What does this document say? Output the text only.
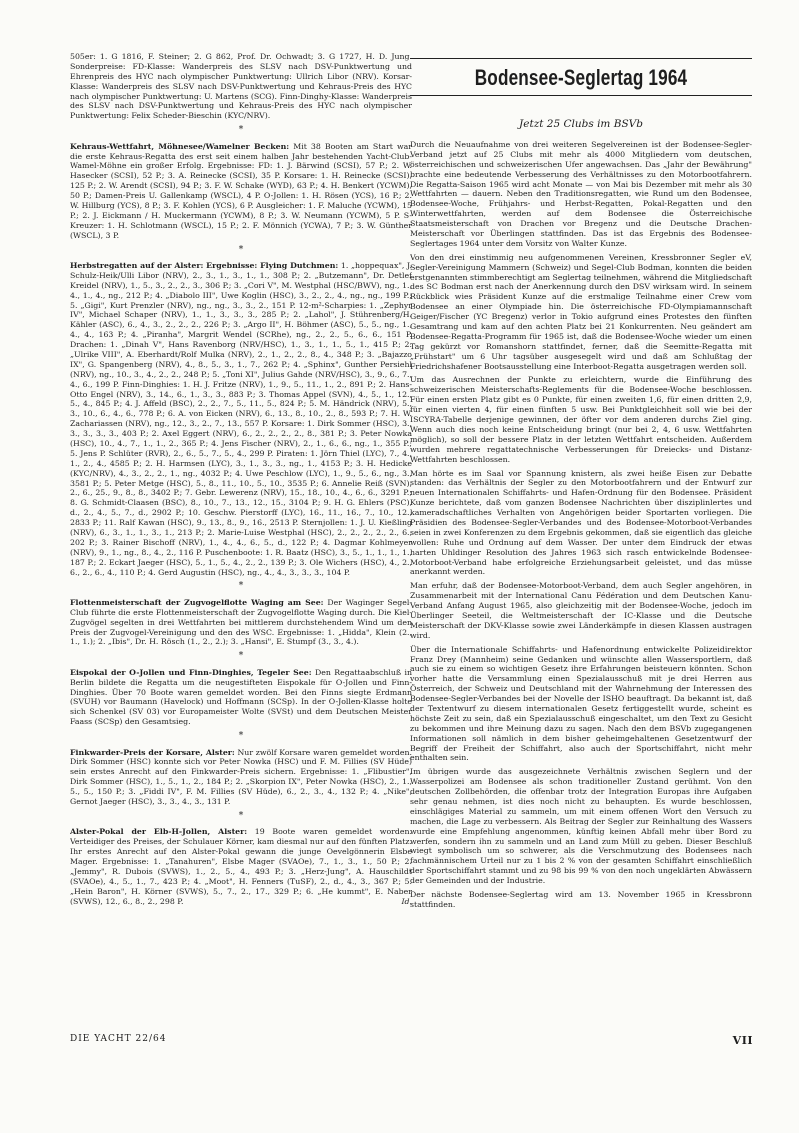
505er: 1. G 1816, F. Steiner; 2. G 862, Prof. Dr. Ochwadt; 3. G 1727, H. D. Jung. Sonderpreise: FD-Klasse: Wanderpreis des SLSV nach DSV-Punktwertung und Ehrenpreis des HYC nach olympischer Punktwertung: Ullrich Libor (NRV). Korsar-Klasse: Wanderpreis des SLSV nach DSV-Punktwertung und Kehraus-Preis des HYC nach olympischer Punktwertung: U. Martens (SCG). Finn-Dinghy-Klasse: Wanderpreis des SLSV nach DSV-Punktwertung und Kehraus-Preis des HYC nach olympischer Punktwertung: Felix Scheder-Bieschin (KYC/NRV).

*

Kehraus-Wettfahrt, Möhnesee/Wamelner Becken: Mit 38 Booten am Start war die erste Kehraus-Regatta des erst seit einem halben Jahr bestehenden Yacht-Club-Wamel-Möhne ein großer Erfolg. Ergebnisse: FD: 1. J. Bärwind (SCSI), 57 P.; 2. W. Hasecker (SCSI), 52 P.; 3. A. Reinecke (SCSI), 35 P. Korsare: 1. H. Reinecke (SCSI), 125 P.; 2. W. Arendt (SCSI), 94 P.; 3. F. W. Schake (WYD), 63 P.; 4. H. Benkert (YCWM), 50 P.; Damen-Preis U. Gallenkamp (WSCL), 4 P. O-Jollen: 1. H. Rösen (YCS), 16 P.; 2. W. Hillburg (YCS), 8 P.; 3. F. Kohlen (YCS), 6 P. Ausgleicher: 1. F. Maluche (YCWM), 15 P.; 2. J. Eickmann / H. Muckermann (YCWM), 8 P.; 3. W. Neumann (YCWM), 5 P. S-Kreuzer: 1. H. Schlotmann (WSCL), 15 P.; 2. F. Mönnich (YCWA), 7 P.; 3. W. Günther (WSCL), 3 P.

*

Herbstregatten auf der Alster: Ergebnisse: Flying Dutchmen: 1. „hoppequax", J. Schulz-Heik/Ulli Libor (NRV), 2., 3., 1., 3., 1., 1., 308 P.; 2. „Butzemann", Dr. Detlef Kreidel (NRV), 1., 5., 3., 2., 2., 3., 306 P.; 3. „Cori V", M. Westphal (HSC/BWV), ng., 1., 4., 1., 4., ng., 212 P.; 4. „Diabolo III", Uwe Koglin (HSC), 3., 2., 2., 4., ng., ng., 199 P.; 5. „Gigi", Kurt Prenzler (NRV), ng., ng., 3., 3., 2., 151 P. 12-m²-Scharpies: 1. „Zephyr IV", Michael Schaper (NRV), 1., 1., 3., 3., 3., 285 P.; 2. „Lahol", J. Stührenberg/H. Kähler (ASC), 6., 4., 3., 2., 2., 2., 226 P.; 3. „Argo II", H. Böhmer (ASC), 5., 5., ng., 1., 4., 4., 163 P.; 4. „Piranha", Margrit Wendel (SCRhe), ng., 2., 2., 5., 6., 6., 151 P. Drachen: 1. „Dinah V", Hans Ravenborg (NRV/HSC), 1., 3., 1., 1., 5., 1., 415 P.; 2. „Ulrike VIII", A. Eberhardt/Rolf Mulka (NRV), 2., 1., 2., 2., 8., 4., 348 P.; 3. „Bajazzo IX", G. Spangenberg (NRV), 4., 8., 5., 3., 1., 7., 262 P.; 4. „Sphinx", Gunther Persiehl (NRV), ng., 10., 3., 4., 2., 2., 248 P.; 5. „Toni XI", Julius Gahde (NRV/HSC), 3., 9., 6., 7., 4., 6., 199 P. Finn-Dinghies: 1. H. J. Fritze (NRV), 1., 9., 5., 11., 1., 2., 891 P.; 2. Hans-Otto Engel (NRV), 3., 14., 6., 1., 3., 3., 883 P.; 3. Thomas Appel (SVN), 4., 5., 1., 12., 5., 4., 845 P.; 4. J. Affeld (BSC), 2., 2., 7., 5., 11., 5., 824 P.; 5. M. Händrick (NRV), 5., 3., 10., 6., 4., 6., 778 P.; 6. A. von Eicken (NRV), 6., 13., 8., 10., 2., 8., 593 P.; 7. H. W. Zachariassen (NRV), ng., 12., 3., 2., 7., 13., 557 P. Korsare: 1. Dirk Sommer (HSC), 3., 3., 3., 3., 3., 403 P.; 2. Axel Eggert (NRV), 6., 2., 2., 2., 2., 8., 381 P.; 3. Peter Nowka (HSC), 10., 4., 7., 1., 1., 2., 365 P.; 4. Jens Fischer (NRV), 2., 1., 6., 6., ng., 1., 355 P.; 5. Jens P. Schlüter (RVR), 2., 6., 5., 7., 5., 4., 299 P. Piraten: 1. Jörn Thiel (LYC), 7., 4., 1., 2., 4., 4585 P.; 2. H. Harmsen (LYC), 3., 1., 3., 3., ng., 1., 4153 P.; 3. H. Hedicke (KYC/NRV), 4., 3., 2., 2., 1., ng., 4032 P.; 4. Uwe Peschlow (LYC), 1., 9., 5., 6., ng., 3., 3581 P.; 5. Peter Metge (HSC), 5., 8., 11., 10., 5., 10., 3535 P.; 6. Annelie Reiß (SVN), 2., 6., 25., 9., 8., 8., 3402 P.; 7. Gebr. Lewerenz (NRV), 15., 18., 10., 4., 6., 6., 3291 P.; 8. G. Schmidt-Claasen (BSC), 8., 10., 7., 13., 12., 15., 3104 P.; 9. H. G. Ehlers (PSC), d., 2., 4., 5., 7., d., 2902 P.; 10. Geschw. Pierstorff (LYC), 16., 11., 16., 7., 10., 12., 2833 P.; 11. Ralf Kawan (HSC), 9., 13., 8., 9., 16., 2513 P. Sternjollen: 1. J. U. Kießling (NRV), 6., 3., 1., 1., 3., 1., 213 P.; 2. Marie-Luise Westphal (HSC), 2., 2., 2., 2., 2., 6., 202 P.; 3. Rainer Bischoff (NRV), 1., 4., 4., 6., 5., d., 122 P.; 4. Dagmar Kohlmeyer (NRV), 9., 1., ng., 8., 4., 2., 116 P. Puschenboote: 1. R. Baatz (HSC), 3., 5., 1., 1., 1., 1., 187 P.; 2. Eckart Jaeger (HSC), 5., 1., 5., 4., 2., 2., 139 P.; 3. Ole Wichers (HSC), 4., 2., 6., 2., 6., 4., 110 P.; 4. Gerd Augustin (HSC), ng., 4., 4., 3., 3., 3., 104 P.

*

Flottenmeisterschaft der Zugvogelflotte Waging am See: Der Waginger Segel-Club führte die erste Flottenmeisterschaft der Zugvogelflotte Waging durch. Die Kiel-Zugvögel segelten in drei Wettfahrten bei mittlerem durchstehendem Wind um den Preis der Zugvogel-Vereinigung und den des WSC. Ergebnisse: 1. „Hidda", Klein (2., 1., 1.); 2. „Ibis", Dr. H. Rösch (1., 2., 2.); 3. „Hansi", E. Stumpf (3., 3., 4.).

*

Eispokal der O-Jollen und Finn-Dinghies, Tegeler See: Den Regattaabschluß in Berlin bildete die Regatta um die neugestifteten Eispokale für O-Jollen und Finn-Dinghies. Über 70 Boote waren gemeldet worden. Bei den Finns siegte Erdmann (SVUH) vor Baumann (Havelock) und Hoffmann (SCSp). In der O-Jollen-Klasse holte sich Schenkel (SV 03) vor Europameister Wolte (SVSt) und dem Deutschen Meister Faass (SCSp) den Gesamtsieg.

*

Finkwarder-Preis der Korsare, Alster: Nur zwölf Korsare waren gemeldet worden. Dirk Sommer (HSC) konnte sich vor Peter Nowka (HSC) und F. M. Fillies (SV Hüde) sein erstes Anrecht auf den Finkwarder-Preis sichern. Ergebnisse: 1. „Flibustier", Dirk Sommer (HSC), 1., 5., 1., 2., 184 P.; 2. „Skorpion IX", Peter Nowka (HSC), 2., 1., 5., 5., 150 P.; 3. „Fiddi IV", F. M. Fillies (SV Hüde), 6., 2., 3., 4., 132 P.; 4. „Nike", Gernot Jaeger (HSC), 3., 3., 4., 3., 131 P.

*

Alster-Pokal der Elb-H-Jollen, Alster: 19 Boote waren gemeldet worden. Verteidiger des Preises, der Schulauer Körner, kam diesmal nur auf den fünften Platz. Ihr erstes Anrecht auf den Alster-Pokal gewann die junge Oevelgönnerin Elsbe Mager. Ergebnisse: 1. „Tanahuren", Elsbe Mager (SVAOe), 7., 1., 3., 1., 50 P.; 2. „Jemmy", R. Dubois (SVWS), 1., 2., 5., 4., 493 P.; 3. „Herz-Jung", A. Hauschildt (SVAOe), 4., 5., 1., 7., 423 P.; 4. „Moot", H. Fenners (TuSF), 2., d., 4., 3., 367 P.; 5. „Hein Baron", H. Körner (SVWS), 5., 7., 2., 17., 329 P.; 6. „He kummt", E. Naber (SVWS), 12., 6., 8., 2., 298 P.	Id.

Bodensee-Seglertag 1964
Jetzt 25 Clubs im BSVb

Durch die Neuaufnahme von drei weiteren Segelvereinen ist der Bodensee-Segler-Verband jetzt auf 25 Clubs mit mehr als 4000 Mitgliedern vom deutschen, österreichischen und schweizerischen Ufer angewachsen. Das „Jahr der Bewährung" brachte eine bedeutende Verbesserung des Verhältnisses zu den Motorbootfahrern. Die Regatta-Saison 1965 wird acht Monate — von Mai bis Dezember mit mehr als 30 Wettfahrten — dauern. Neben den Traditionsregatten, wie Rund um den Bodensee, Bodensee-Woche, Frühjahrs- und Herbst-Regatten, Pokal-Regatten und den Winterwettfahrten, werden auf dem Bodensee die Österreichische Staatsmeisterschaft von Drachen vor Bregenz und die Deutsche Drachen-Meisterschaft vor Überlingen stattfinden. Das ist das Ergebnis des Bodensee-Seglertages 1964 unter dem Vorsitz von Walter Kunze.

Von den drei einstimmig neu aufgenommenen Vereinen, Kressbronner Segler eV, Segler-Vereinigung Mammern (Schweiz) und Segel-Club Bodman, konnten die beiden erstgenannten stimmberechtigt am Seglertag teilnehmen, während die Mitgliedschaft des SC Bodman erst nach der Anerkennung durch den DSV wirksam wird. In seinem Rückblick wies Präsident Kunze auf die erstmalige Teilnahme einer Crew vom Bodensee an einer Olympiade hin. Die österreichische FD-Olympiamannschaft Geiger/Fischer (YC Bregenz) verlor in Tokio aufgrund eines Protestes den fünften Gesamtrang und kam auf den achten Platz bei 21 Konkurrenten. Neu geändert am Bodensee-Regatta-Programm für 1965 ist, daß die Bodensee-Woche wieder um einen Tag gekürzt vor Romanshorn stattfindet, ferner, daß die Seemitte-Regatta mit „Frühstart" um 6 Uhr tagsüber ausgesegelt wird und daß am Schlußtag der Friedrichshafener Bootsausstellung eine Interboot-Regatta ausgetragen werden soll.

Um das Ausrechnen der Punkte zu erleichtern, wurde die Einführung des schweizerischen Meisterschafts-Reglements für die Bodensee-Woche beschlossen. Für einen ersten Platz gibt es 0 Punkte, für einen zweiten 1,6, für einen dritten 2,9, für einen vierten 4, für einen fünften 5 usw. Bei Punktgleichheit soll wie bei der ISCYRA-Tabelle derjenige gewinnen, der öfter vor dem anderen durchs Ziel ging. Wenn auch dies noch keine Entscheidung bringt (nur bei 2, 4, 6 usw. Wettfahrten möglich), so soll der bessere Platz in der letzten Wettfahrt entscheiden. Außerdem wurden mehrere regattatechnische Verbesserungen für Dreiecks- und Distanz-Wettfahrten beschlossen.

Man hörte es im Saal vor Spannung knistern, als zwei heiße Eisen zur Debatte standen: das Verhältnis der Segler zu den Motorbootfahrern und der Entwurf zur neuen Internationalen Schiffahrts- und Hafen-Ordnung für den Bodensee. Präsident Kunze berichtete, daß vom ganzen Bodensee Nachrichten über disziplinlertes und kameradschaftliches Verhalten von Angehörigen beider Sportarten vorliegen. Die Präsidien des Bodensee-Segler-Verbandes und des Bodensee-Motorboot-Verbandes seien in zwei Konferenzen zu dem Ergebnis gekommen, daß sie eigentlich das gleiche wollen: Ruhe und Ordnung auf dem Wasser. Der unter dem Eindruck der etwas harten Uhldinger Resolution des Jahres 1963 sich rasch entwickelnde Bodensee-Motorboot-Verband habe erfolgreiche Erziehungsarbeit geleistet, und das müsse anerkannt werden.

Man erfuhr, daß der Bodensee-Motorboot-Verband, dem auch Segler angehören, in Zusammenarbeit mit der International Canu Fédération und dem Deutschen Kanu-Verband Anfang August 1965, also gleichzeitig mit der Bodensee-Woche, jedoch im Überlinger Seeteil, die Weltmeisterschaft der IC-Klasse und die Deutsche Meisterschaft der DKV-Klasse sowie zwei Länderkämpfe in diesen Klassen austragen wird.

Über die Internationale Schiffahrts- und Hafenordnung entwickelte Polizeidirektor Franz Drey (Mannheim) seine Gedanken und wünschte allen Wassersportlern, daß auch sie zu einem so wichtigen Gesetz ihre Erfahrungen beisteuern könnten. Schon vorher hatte die Versammlung einen Spezialausschuß mit je drei Herren aus Österreich, der Schweiz und Deutschland mit der Wahrnehmung der Interessen des Bodensee-Segler-Verbandes bei der Novelle der ISHO beauftragt. Da bekannt ist, daß der Textentwurf zu diesem internationalen Gesetz fertiggestellt wurde, scheint es höchste Zeit zu sein, daß ein Spezialausschuß eingeschaltet, um den Text zu Gesicht zu bekommen und ihre Meinung dazu zu sagen. Nach den dem BSVb zugegangenen Informationen soll nämlich in dem bisher geheimgehaltenen Gesetzentwurf der Begriff der Freiheit der Schiffahrt, also auch der Sportschiffahrt, nicht mehr enthalten sein.

Im übrigen wurde das ausgezeichnete Verhältnis zwischen Seglern und der Wasserpolizei am Bodensee als schon traditioneller Zustand gerühmt. Von den deutschen Zollbehörden, die offenbar trotz der Integration Europas ihre Aufgaben sehr genau nehmen, ist dies noch nicht zu behaupten. Es wurde beschlossen, einschlägiges Material zu sammeln, um mit einem offenen Wort den Versuch zu machen, die Lage zu verbessern. Als Beitrag der Segler zur Reinhaltung des Wassers wurde eine Empfehlung angenommen, künftig keinen Abfall mehr über Bord zu werfen, sondern ihn zu sammeln und an Land zum Müll zu geben. Dieser Beschluß wiegt symbolisch um so schwerer, als die Verschmutzung des Bodensees nach fachmännischem Urteil nur zu 1 bis 2 % von der gesamten Schiffahrt einschließlich der Sportschiffahrt stammt und zu 98 bis 99 % von den noch ungeklärten Abwässern der Gemeinden und der Industrie.

Der nächste Bodensee-Seglertag wird am 13. November 1965 in Kressbronn stattfinden.

DIE YACHT 22/64	VII
